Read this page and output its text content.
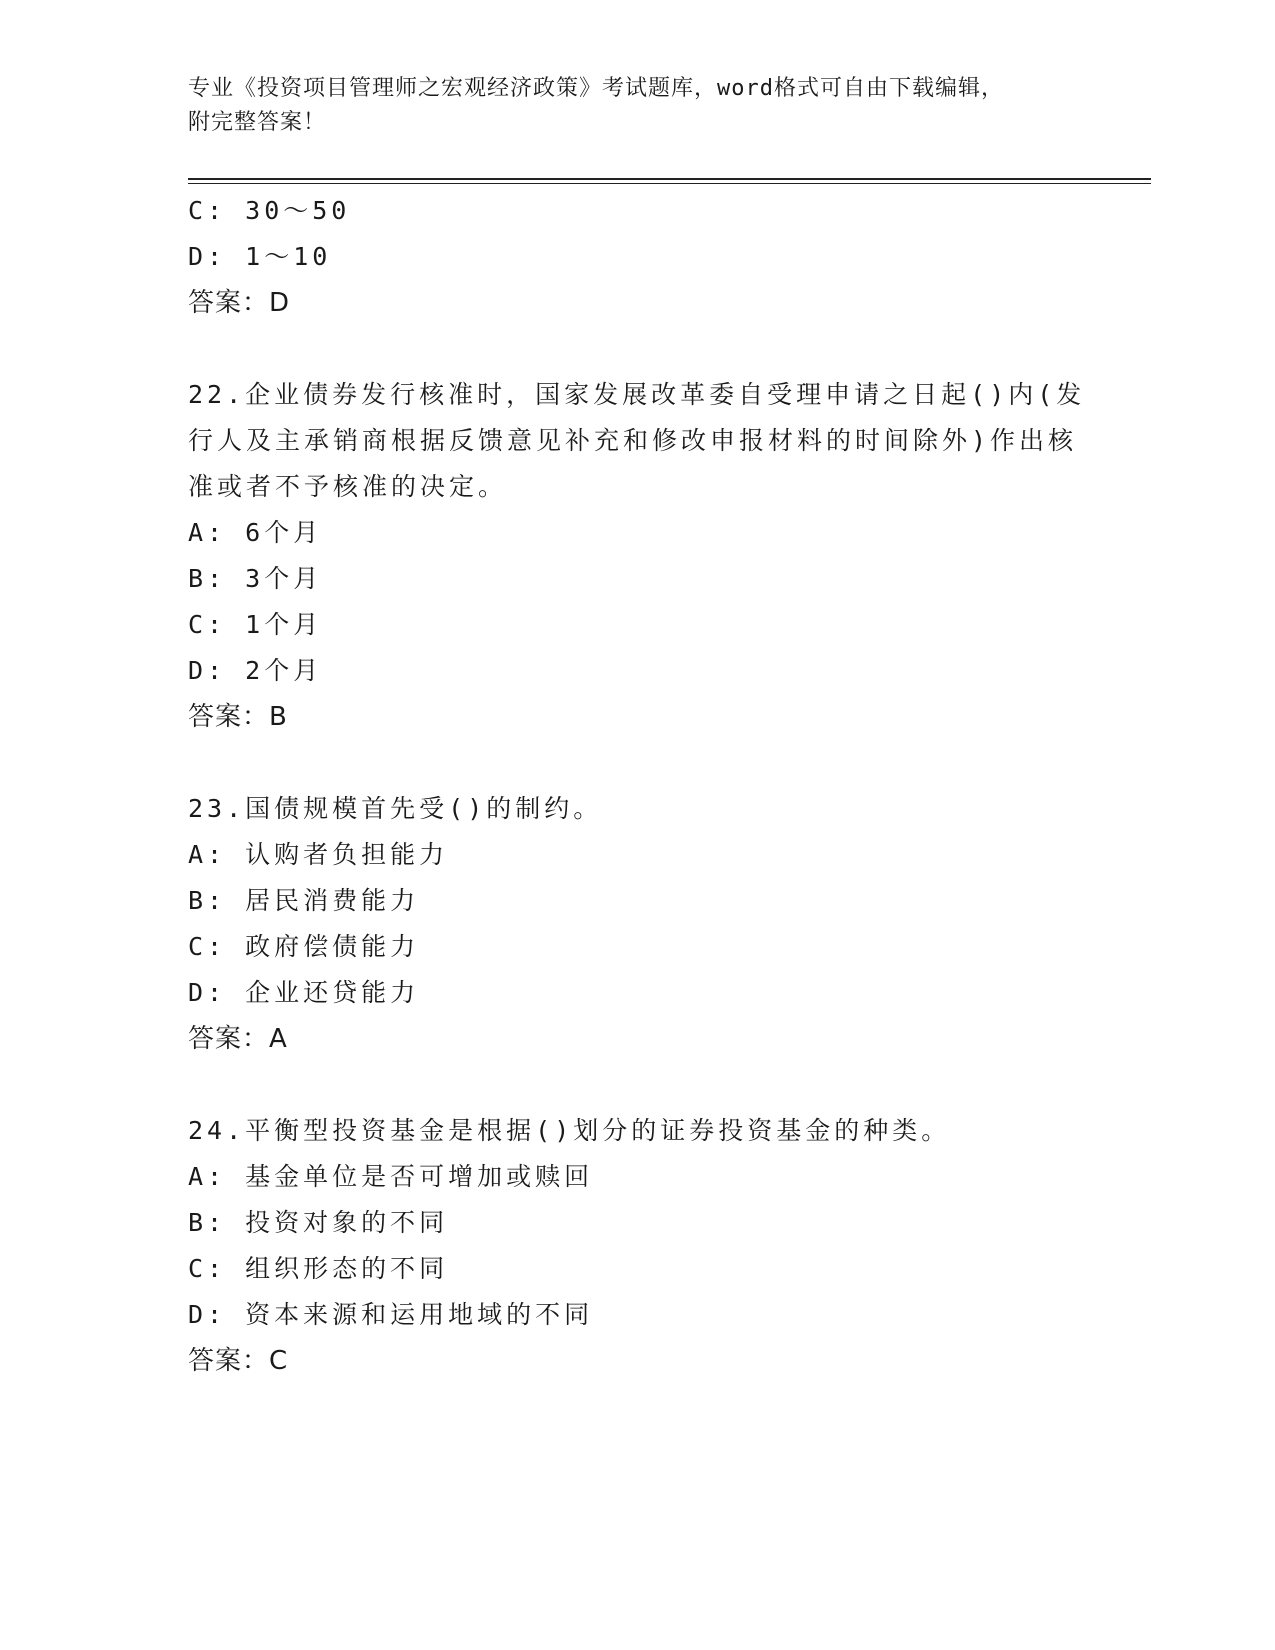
专业《投资项目管理师之宏观经济政策》考试题库，word格式可自由下载编辑，
附完整答案！
C: 30～50
D: 1～10
答案：D
22.企业债券发行核准时，国家发展改革委自受理申请之日起()内(发
行人及主承销商根据反馈意见补充和修改申报材料的时间除外)作出核
准或者不予核准的决定。
A: 6个月
B: 3个月
C: 1个月
D: 2个月
答案：B
23.国债规模首先受()的制约。
A: 认购者负担能力
B: 居民消费能力
C: 政府偿债能力
D: 企业还贷能力
答案：A
24.平衡型投资基金是根据()划分的证券投资基金的种类。
A: 基金单位是否可增加或赎回
B: 投资对象的不同
C: 组织形态的不同
D: 资本来源和运用地域的不同
答案：C
